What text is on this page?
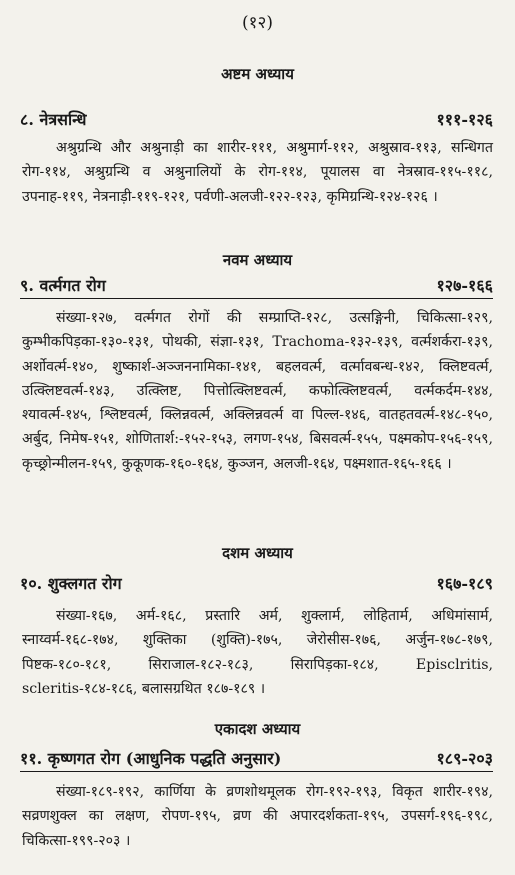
(१२)
अष्टम अध्याय
८. नेत्रसन्धि	१११-१२६
अश्रुग्रन्थि और अश्रुनाड़ी का शारीर-१११, अश्रुमार्ग-११२, अश्रुस्राव-११३, सन्धिगत रोग-११४, अश्रुग्रन्थि व अश्रुनालियों के रोग-११४, पूयालस वा नेत्रस्राव-११५-११८, उपनाह-११९, नेत्रनाड़ी-११९-१२१, पर्वणी-अलजी-१२२-१२३, कृमिग्रन्थि-१२४-१२६ ।
नवम अध्याय
९. वर्त्मगत रोग	१२७-१६६
संख्या-१२७, वर्त्मगत रोगों की सम्प्राप्ति-१२८, उत्सङ्गिनी, चिकित्सा-१२९, कुम्भीकपिड़का-१३०-१३१, पोथकी, संज्ञा-१३१, Trachoma-१३२-१३९, वर्त्मशर्करा-१३९, अर्शोवर्त्म-१४०, शुष्कार्श-अञ्जननामिका-१४१, बहलवर्त्म, वर्त्मावबन्ध-१४२, क्लिष्टवर्त्म, उत्क्लिष्टवर्त्म-१४३, उत्क्लिष्ट, पित्तोत्क्लिष्टवर्त्म, कफोत्क्लिष्टवर्त्म, वर्त्मकर्दम-१४४, श्यावर्त्म-१४५, श्लिष्टवर्त्म, क्लिन्नवर्त्म, अक्लिन्नवर्त्म वा पिल्ल-१४६, वातहतवर्त्म-१४८-१५०, अर्बुद, निमेष-१५१, शोणितार्श:-१५२-१५३, लगण-१५४, बिसवर्त्म-१५५, पक्ष्मकोप-१५६-१५९, कृच्छ्रोन्मीलन-१५९, कुकूणक-१६०-१६४, कुञ्जन, अलजी-१६४, पक्ष्मशात-१६५-१६६ ।
दशम अध्याय
१०. शुक्लगत रोग	१६७-१८९
संख्या-१६७, अर्म-१६८, प्रस्तारि अर्म, शुक्लार्म, लोहितार्म, अधिमांसार्म, स्नाय्वर्म-१६८-१७४, शुक्तिका (शुक्ति)-१७५, जेरोसीस-१७६, अर्जुन-१७८-१७९, पिष्टक-१८०-१८१, सिराजाल-१८२-१८३, सिरापिड़का-१८४, Episclritis, scleritis-१८४-१८६, बलासग्रथित १८७-१८९ ।
एकादश अध्याय
११. कृष्णगत रोग (आधुनिक पद्धति अनुसार)	१८९-२०३
संख्या-१८९-१९२, कार्णिया के व्रणशोथमूलक रोग-१९२-१९३, विकृत शारीर-१९४, सव्रणशुक्ल का लक्षण, रोपण-१९५, व्रण की अपारदर्शकता-१९५, उपसर्ग-१९६-१९८, चिकित्सा-१९९-२०३ ।
